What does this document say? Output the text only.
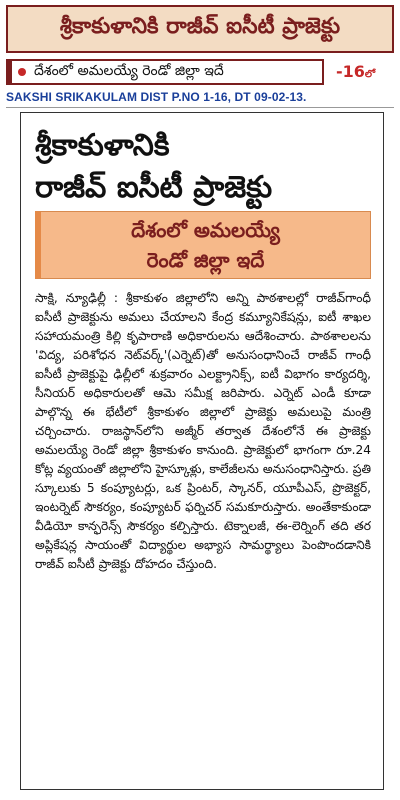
శ్రీకాకుళానికి రాజీవ్ ఐసీటీ ప్రాజెక్టు
దేశంలో అమలయ్యే రెండో జిల్లా ఇదే	-16లో
SAKSHI SRIKAKULAM DIST P.NO 1-16, DT 09-02-13.
శ్రీకాకుళానికి
రాజీవ్ ఐసీటీ ప్రాజెక్టు
దేశంలో అమలయ్యే
రెండో జిల్లా ఇదే
సాక్షి, న్యూఢిల్లీ : శ్రీకాకుళం జిల్లాలోని అన్ని పాఠశాలల్లో రాజీవ్‌గాంధీ ఐసీటీ ప్రాజెక్టును అమలు చేయాలని కేంద్ర కమ్యూనికేషన్లు, ఐటీ శాఖల సహాయమంత్రి కిల్లి కృపారాణి అధికారులను ఆదేశించారు. పాఠశాలలను 'విద్య, పరిశోధన నెట్‌వర్క్'(ఎర్నెట్)తో అనుసంధానించే రాజీవ్ గాంధీ ఐసీటీ ప్రాజెక్టుపై ఢిల్లీలో శుక్రవారం ఎలక్ట్రానిక్స్, ఐటీ విభాగం కార్యదర్శి, సీనియర్ అధికారులతో ఆమె సమీక్ష జరిపారు. ఎర్నెట్ ఎండీ కూడా పాల్గొన్న ఈ భేటీలో శ్రీకాకుళం జిల్లాలో ప్రాజెక్టు అమలుపై మంత్రి చర్చించారు. రాజస్థాన్‌లోని అజ్మీర్ తర్వాత దేశంలోనే ఈ ప్రాజెక్టు అమలయ్యే రెండో జిల్లా శ్రీకాకుళం కానుంది. ప్రాజెక్టులో భాగంగా రూ.24 కోట్ల వ్యయంతో జిల్లాలోని హైస్కూళ్లు, కాలేజీలను అనుసంధానిస్తారు. ప్రతి స్కూలుకు 5 కంప్యూటర్లు, ఒక ప్రింటర్, స్కానర్, యూపీఎస్, ప్రొజెక్టర్, ఇంటర్నెట్ సౌకర్యం, కంప్యూటర్ ఫర్నిచర్ సమకూరుస్తారు. అంతేకాకుండా వీడియో కాన్ఫరెన్స్ సౌకర్యం కల్పిస్తారు. టెక్నాలజీ, ఈ-లెర్నింగ్ తది తర అప్లికేషన్ల సాయంతో విద్యార్థుల అభ్యాస సామర్థ్యాలు పెంపొందడానికి రాజీవ్ ఐసీటీ ప్రాజెక్టు దోహదం చేస్తుంది.
